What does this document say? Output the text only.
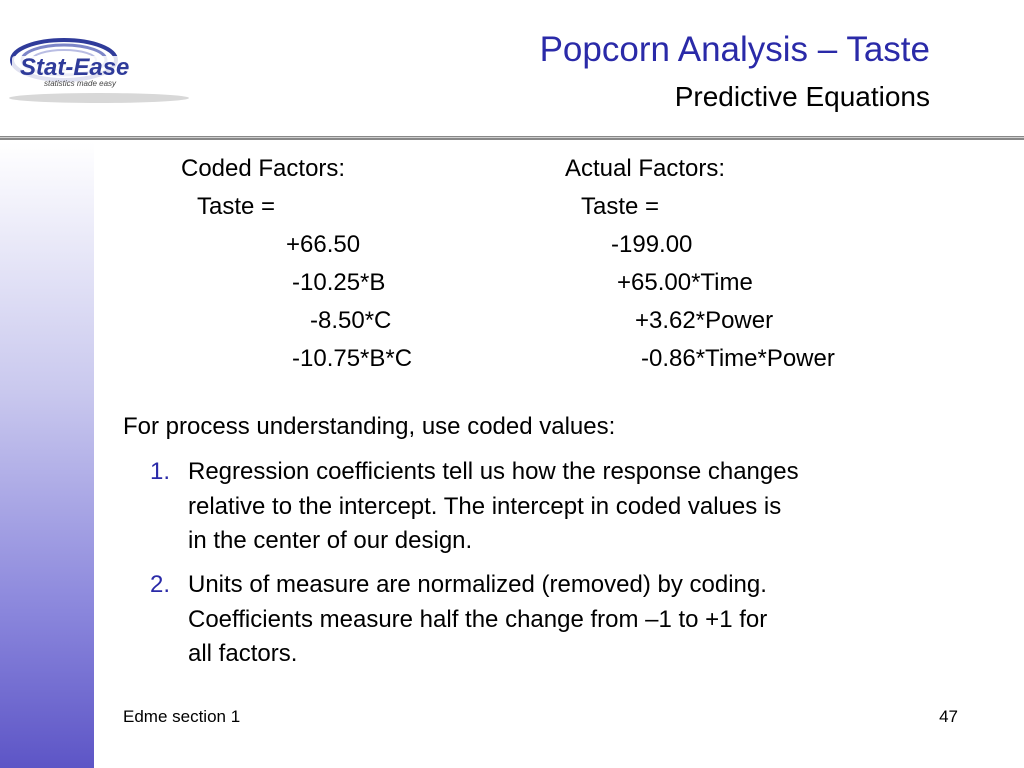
Stat-Ease
statistics made easy
Popcorn Analysis – Taste
Predictive Equations
Coded Factors:
Taste =
+66.50
-10.25*B
-8.50*C
-10.75*B*C
Actual Factors:
Taste =
-199.00
+65.00*Time
+3.62*Power
-0.86*Time*Power
For process understanding, use coded values:
1. Regression coefficients tell us how the response changes
relative to the intercept. The intercept in coded values is
in the center of our design.
2. Units of measure are normalized (removed) by coding.
Coefficients measure half the change from –1 to +1 for
all factors.
Edme section 1	47
